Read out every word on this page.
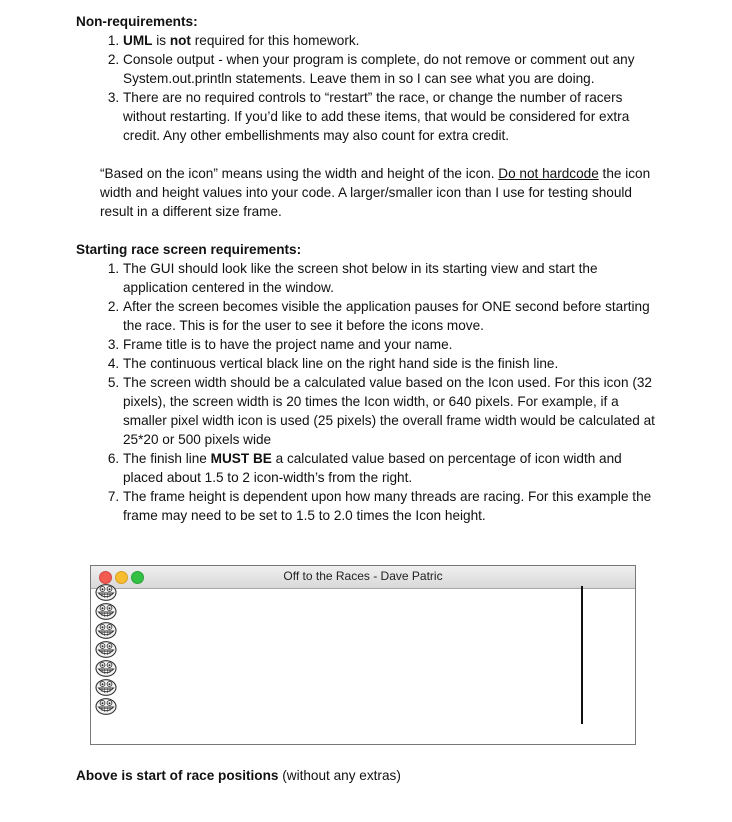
Non-requirements:

1. UML is not required for this homework.
2. Console output - when your program is complete, do not remove or comment out any System.out.println statements. Leave them in so I can see what you are doing.
3. There are no required controls to “restart” the race, or change the number of racers without restarting. If you’d like to add these items, that would be considered for extra credit. Any other embellishments may also count for extra credit.

“Based on the icon” means using the width and height of the icon. Do not hardcode the icon width and height values into your code. A larger/smaller icon than I use for testing should result in a different size frame.

Starting race screen requirements:

1. The GUI should look like the screen shot below in its starting view and start the application centered in the window.
2. After the screen becomes visible the application pauses for ONE second before starting the race. This is for the user to see it before the icons move.
3. Frame title is to have the project name and your name.
4. The continuous vertical black line on the right hand side is the finish line.
5. The screen width should be a calculated value based on the Icon used. For this icon (32 pixels), the screen width is 20 times the Icon width, or 640 pixels. For example, if a smaller pixel width icon is used (25 pixels) the overall frame width would be calculated at 25*20 or 500 pixels wide
6. The finish line MUST BE a calculated value based on percentage of icon width and placed about 1.5 to 2 icon-width’s from the right.
7. The frame height is dependent upon how many threads are racing. For this example the frame may need to be set to 1.5 to 2.0 times the Icon height.
Off to the Races - Dave Patric
Above is start of race positions (without any extras)
